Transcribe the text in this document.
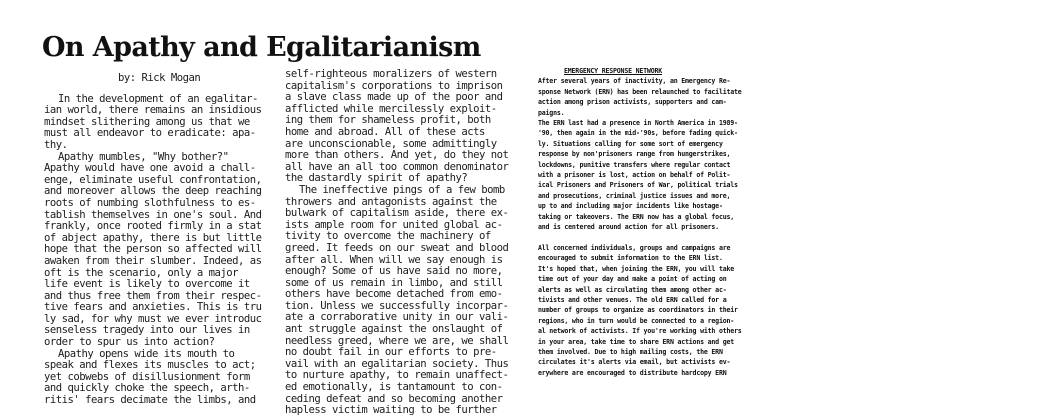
On Apathy and Egalitarianism
by: Rick Mogan
In the development of an egalitar-
ian world, there remains an insidious
mindset slithering among us that we
must all endeavor to eradicate: apa-
thy.
Apathy mumbles, "Why bother?"
Apathy would have one avoid a chall-
enge, eliminate useful confrontation,
and moreover allows the deep reaching
roots of numbing slothfulness to es-
tablish themselves in one's soul. And
frankly, once rooted firmly in a stat
of abject apathy, there is but little
hope that the person so affected will
awaken from their slumber. Indeed, as
oft is the scenario, only a major
life event is likely to overcome it
and thus free them from their respec-
tive fears and anxieties. This is tru
ly sad, for why must we ever introduc
senseless tragedy into our lives in
order to spur us into action?
Apathy opens wide its mouth to
speak and flexes its muscles to act;
yet cobwebs of disillusionment form
and quickly choke the speech, arth-
ritis' fears decimate the limbs, and
self-righteous moralizers of western
capitalism's corporations to imprison
a slave class made up of the poor and
afflicted while mercilessly exploit-
ing them for shameless profit, both
home and abroad. All of these acts
are unconscionable, some admittingly
more than others. And yet, do they not
all have an all too common denominator
the dastardly spirit of apathy?
The ineffective pings of a few bomb
throwers and antagonists against the
bulwark of capitalism aside, there ex-
ists ample room for united global ac-
tivity to overcome the machinery of
greed. It feeds on our sweat and blood
after all. When will we say enough is
enough? Some of us have said no more,
some of us remain in limbo, and still
others have become detached from emo-
tion. Unless we successfully incorpar-
ate a corraborative unity in our vali-
ant struggle against the onslaught of
needless greed, where we are, we shall
no doubt fail in our efforts to pre-
vail with an egalitarian society. Thus
to nurture apathy, to remain unaffect-
ed emotionally, is tantamount to con-
ceding defeat and so becoming another
hapless victim waiting to be further
EMERGENCY RESPONSE NETWORK
After several years of inactivity, an Emergency Re-
sponse Network (ERN) has been relaunched to facilitate
action among prison activists, supporters and cam-
paigns.
The ERN last had a presence in North America in 1989-
'90, then again in the mid-'90s, before fading quick-
ly. Situations calling for some sort of emergency
response by non'prisoners range from hungerstrikes,
lockdowns, punitive transfers where regular contact
with a prisoner is lost, action on behalf of Polit-
ical Prisoners and Prisoners of War, political trials
and prosecutions, criminal justice issues and more,
up to and including major incidents like hostage-
taking or takeovers. The ERN now has a global focus,
and is centered around action for all prisoners.

All concerned individuals, groups and campaigns are
encouraged to submit information to the ERN list.
It's hoped that, when joining the ERN, you will take
time out of your day and make a point of acting on
alerts as well as circulating them among other ac-
tivists and other venues. The old ERN called for a
number of groups to organize as coordinators in their
regions, who in turn would be connected to a region-
al network of activists. If you're working with others
in your area, take time to share ERN actions and get
them involved. Due to high mailing costs, the ERN
circulates it's alerts via email, but activists ev-
erywhere are encouraged to distribute hardcopy ERN
